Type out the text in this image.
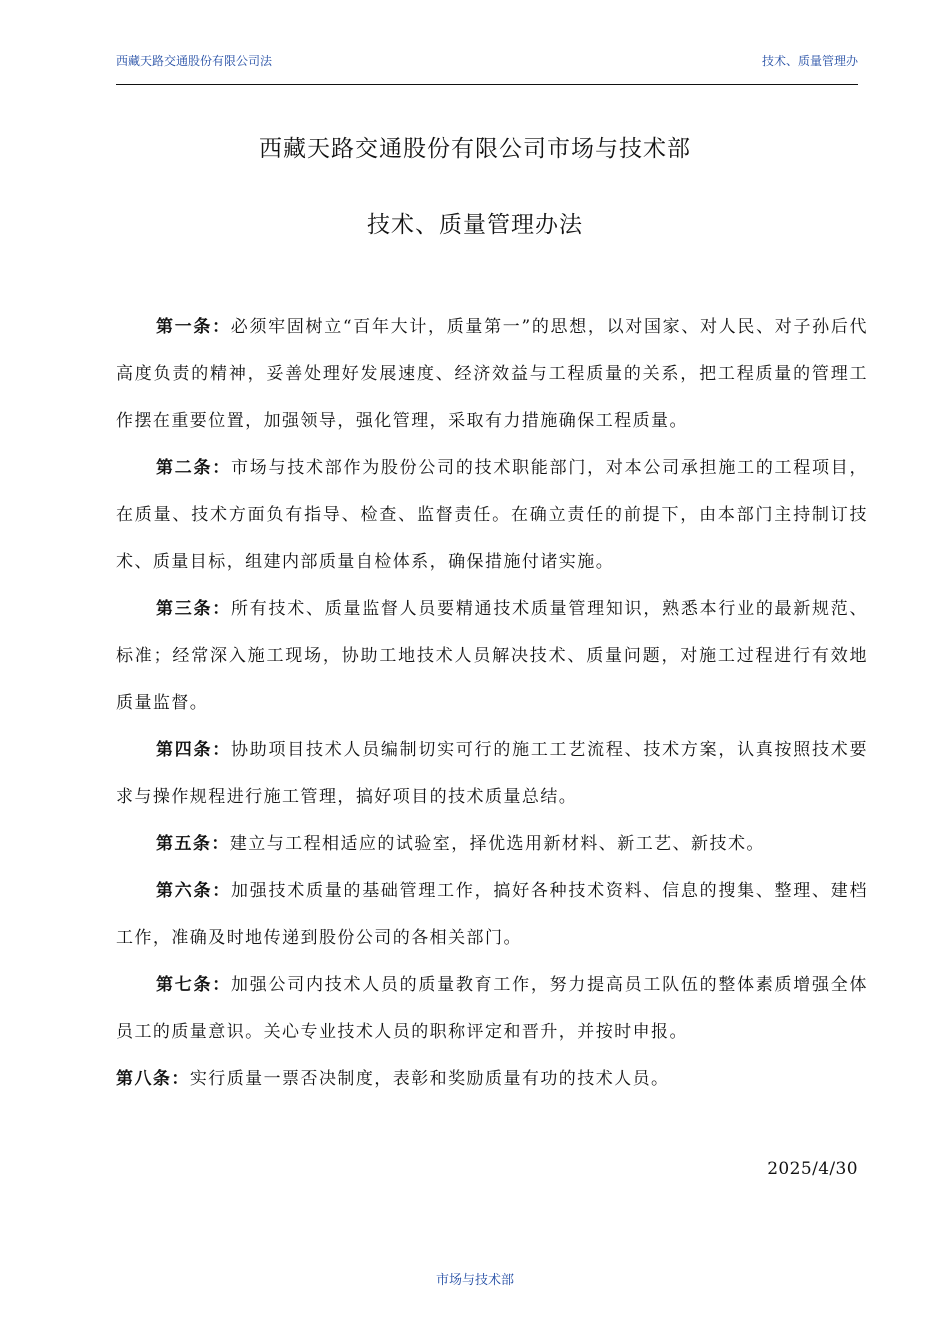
西藏天路交通股份有限公司法	技术、质量管理办
西藏天路交通股份有限公司市场与技术部
技术、质量管理办法

第一条：必须牢固树立“百年大计，质量第一”的思想，以对国家、对人民、对子孙后代高度负责的精神，妥善处理好发展速度、经济效益与工程质量的关系，把工程质量的管理工作摆在重要位置，加强领导，强化管理，采取有力措施确保工程质量。

第二条：市场与技术部作为股份公司的技术职能部门，对本公司承担施工的工程项目，在质量、技术方面负有指导、检查、监督责任。在确立责任的前提下，由本部门主持制订技术、质量目标，组建内部质量自检体系，确保措施付诸实施。

第三条：所有技术、质量监督人员要精通技术质量管理知识，熟悉本行业的最新规范、标准；经常深入施工现场，协助工地技术人员解决技术、质量问题，对施工过程进行有效地质量监督。

第四条：协助项目技术人员编制切实可行的施工工艺流程、技术方案，认真按照技术要求与操作规程进行施工管理，搞好项目的技术质量总结。

第五条：建立与工程相适应的试验室，择优选用新材料、新工艺、新技术。

第六条：加强技术质量的基础管理工作，搞好各种技术资料、信息的搜集、整理、建档工作，准确及时地传递到股份公司的各相关部门。

第七条：加强公司内技术人员的质量教育工作，努力提高员工队伍的整体素质增强全体员工的质量意识。关心专业技术人员的职称评定和晋升，并按时申报。

第八条：实行质量一票否决制度，表彰和奖励质量有功的技术人员。

2025/4/30
市场与技术部
